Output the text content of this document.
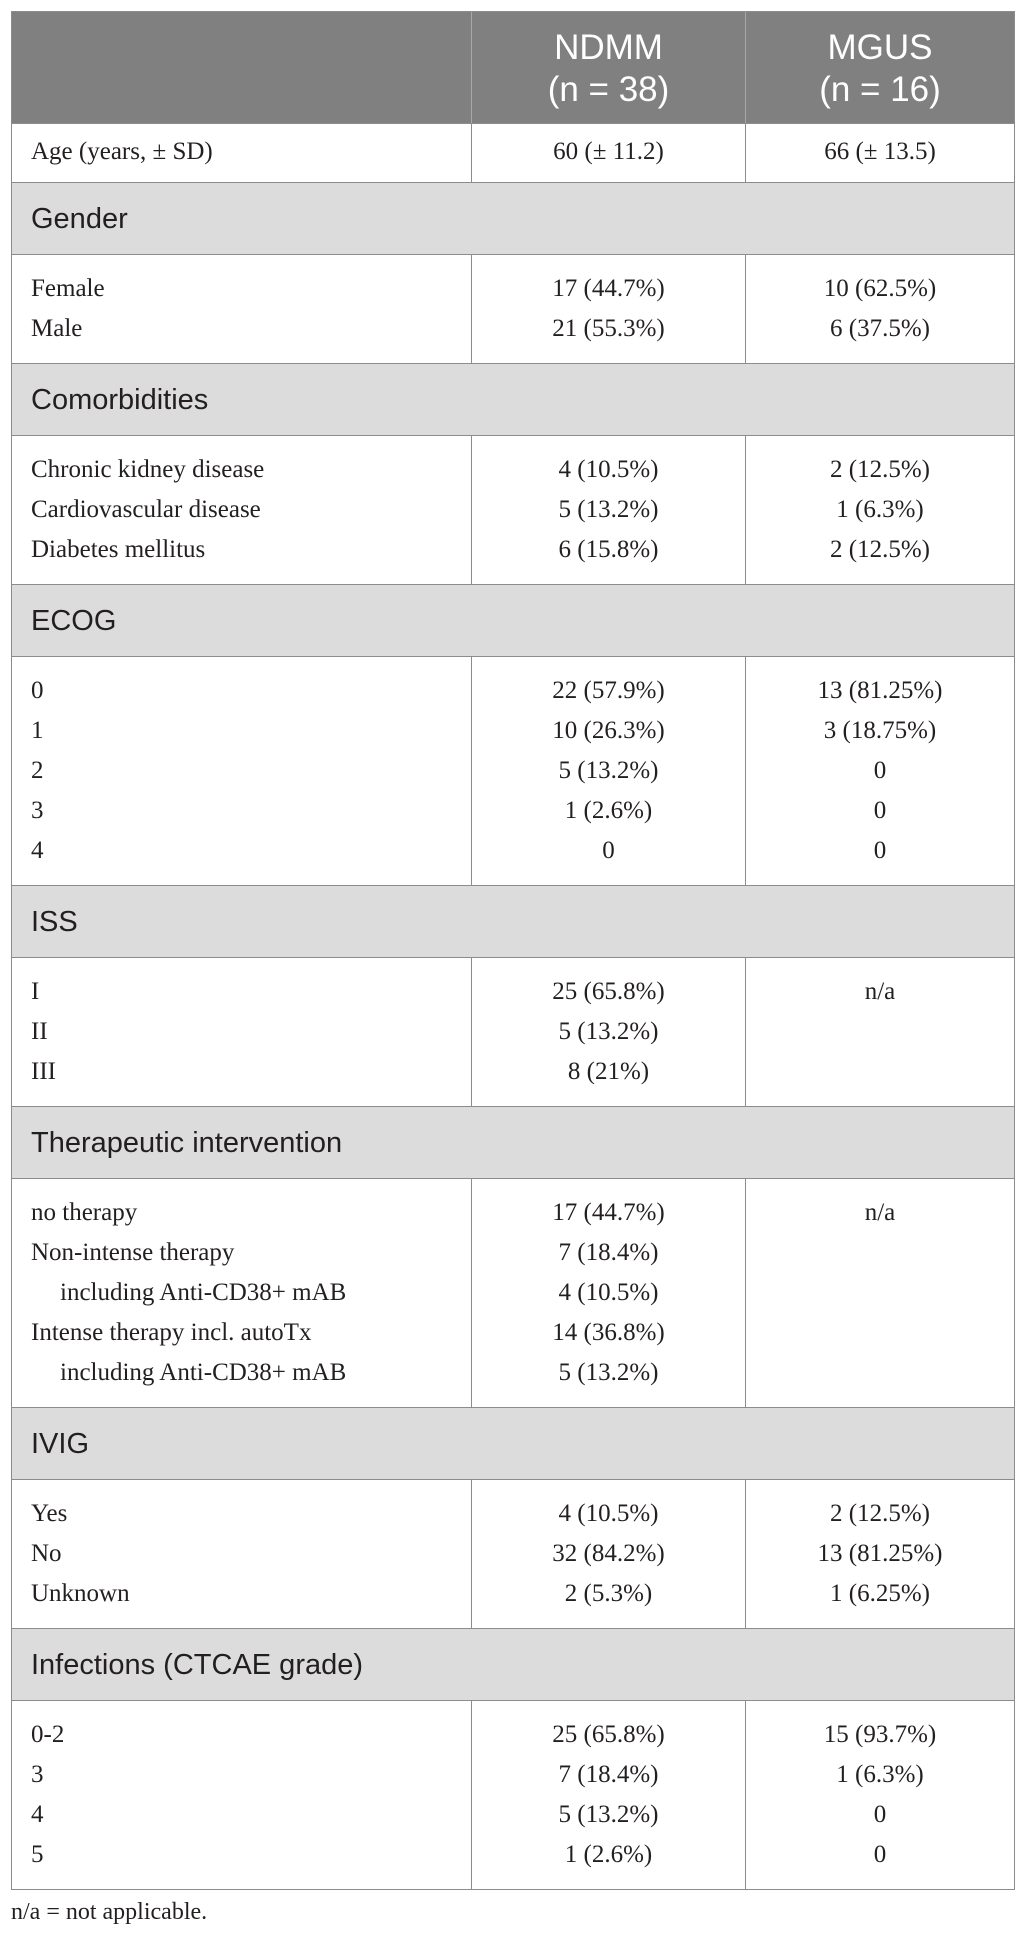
NDMM
(n = 38)
MGUS
(n = 16)
Age (years, ± SD)	60 (± 11.2)	66 (± 13.5)
Gender
Female
Male
17 (44.7%)
21 (55.3%)
10 (62.5%)
6 (37.5%)
Comorbidities
Chronic kidney disease
Cardiovascular disease
Diabetes mellitus
4 (10.5%)
5 (13.2%)
6 (15.8%)
2 (12.5%)
1 (6.3%)
2 (12.5%)
ECOG
0
1
2
3
4
22 (57.9%)
10 (26.3%)
5 (13.2%)
1 (2.6%)
0
13 (81.25%)
3 (18.75%)
0
0
0
ISS
I
II
III
25 (65.8%)
5 (13.2%)
8 (21%)
n/a
Therapeutic intervention
no therapy
Non-intense therapy
including Anti-CD38+ mAB
Intense therapy incl. autoTx
including Anti-CD38+ mAB
17 (44.7%)
7 (18.4%)
4 (10.5%)
14 (36.8%)
5 (13.2%)
n/a
IVIG
Yes
No
Unknown
4 (10.5%)
32 (84.2%)
2 (5.3%)
2 (12.5%)
13 (81.25%)
1 (6.25%)
Infections (CTCAE grade)
0-2
3
4
5
25 (65.8%)
7 (18.4%)
5 (13.2%)
1 (2.6%)
15 (93.7%)
1 (6.3%)
0
0
n/a = not applicable.
